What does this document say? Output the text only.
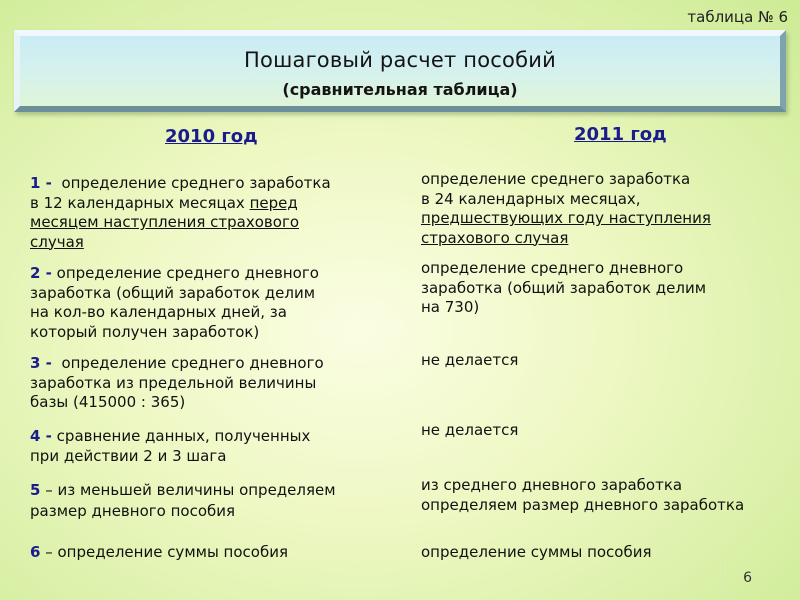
таблица № 6
Пошаговый расчет пособий
(сравнительная таблица)
2010 год	2011 год
1 - определение среднего заработка
в 12 календарных месяцах перед
месяцем наступления страхового
случая
определение среднего заработка
в 24 календарных месяцах,
предшествующих году наступления
страхового случая
2 - определение среднего дневного
заработка (общий заработок делим
на кол-во календарных дней, за
который получен заработок)
определение среднего дневного
заработка (общий заработок делим
на 730)
3 - определение среднего дневного
заработка из предельной величины
базы (415000 : 365)
не делается
4 - сравнение данных, полученных
при действии 2 и 3 шага
не делается
5 – из меньшей величины определяем
размер дневного пособия
из среднего дневного заработка
определяем размер дневного заработка
6 – определение суммы пособия	определение суммы пособия
6
